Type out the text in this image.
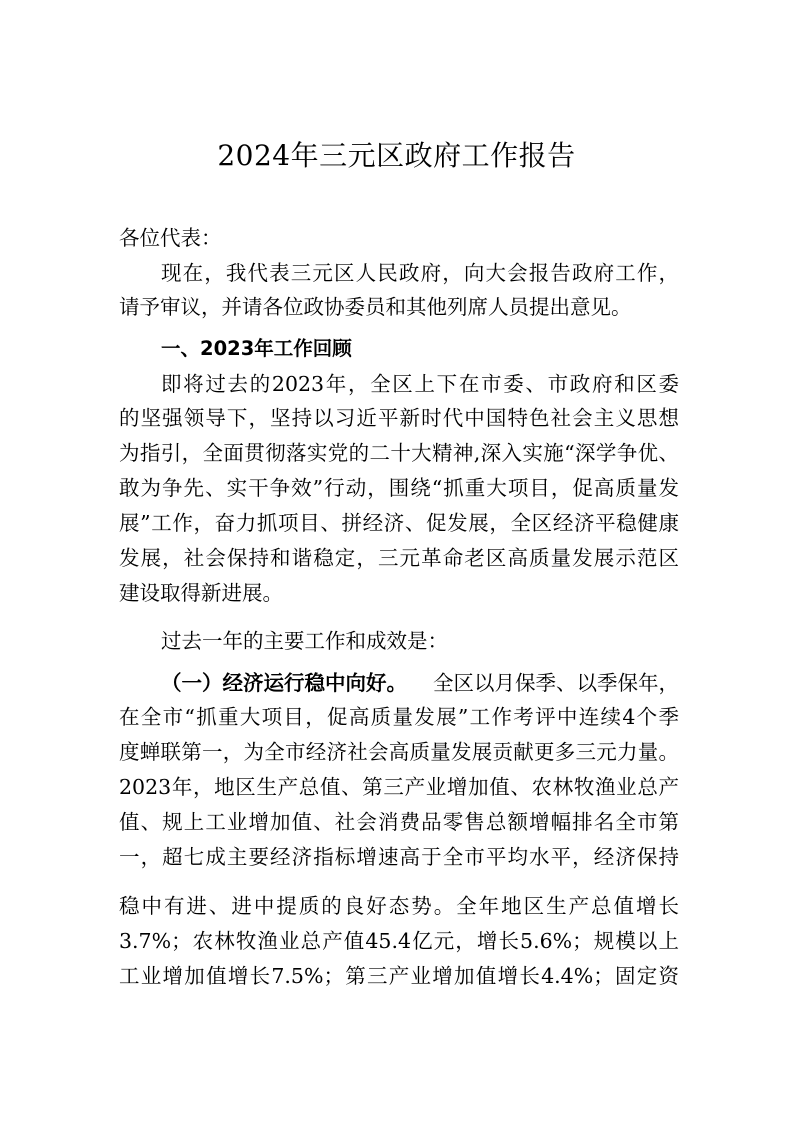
2024年三元区政府工作报告
各位代表：
现在，我代表三元区人民政府，向大会报告政府工作，
请予审议，并请各位政协委员和其他列席人员提出意见。
一、2023年工作回顾
即将过去的2023年，全区上下在市委、市政府和区委
的坚强领导下，坚持以习近平新时代中国特色社会主义思想
为指引，全面贯彻落实党的二十大精神,深入实施“深学争优、
敢为争先、实干争效”行动，围绕“抓重大项目，促高质量发
展”工作，奋力抓项目、拼经济、促发展，全区经济平稳健康
发展，社会保持和谐稳定，三元革命老区高质量发展示范区
建设取得新进展。
过去一年的主要工作和成效是：
（一）经济运行稳中向好。 全区以月保季、以季保年，
在全市“抓重大项目，促高质量发展”工作考评中连续4个季
度蝉联第一，为全市经济社会高质量发展贡献更多三元力量。
2023年，地区生产总值、第三产业增加值、农林牧渔业总产
值、规上工业增加值、社会消费品零售总额增幅排名全市第
一，超七成主要经济指标增速高于全市平均水平，经济保持
稳中有进、进中提质的良好态势。全年地区生产总值增长
3.7%；农林牧渔业总产值45.4亿元，增长5.6%；规模以上
工业增加值增长7.5%；第三产业增加值增长4.4%；固定资
